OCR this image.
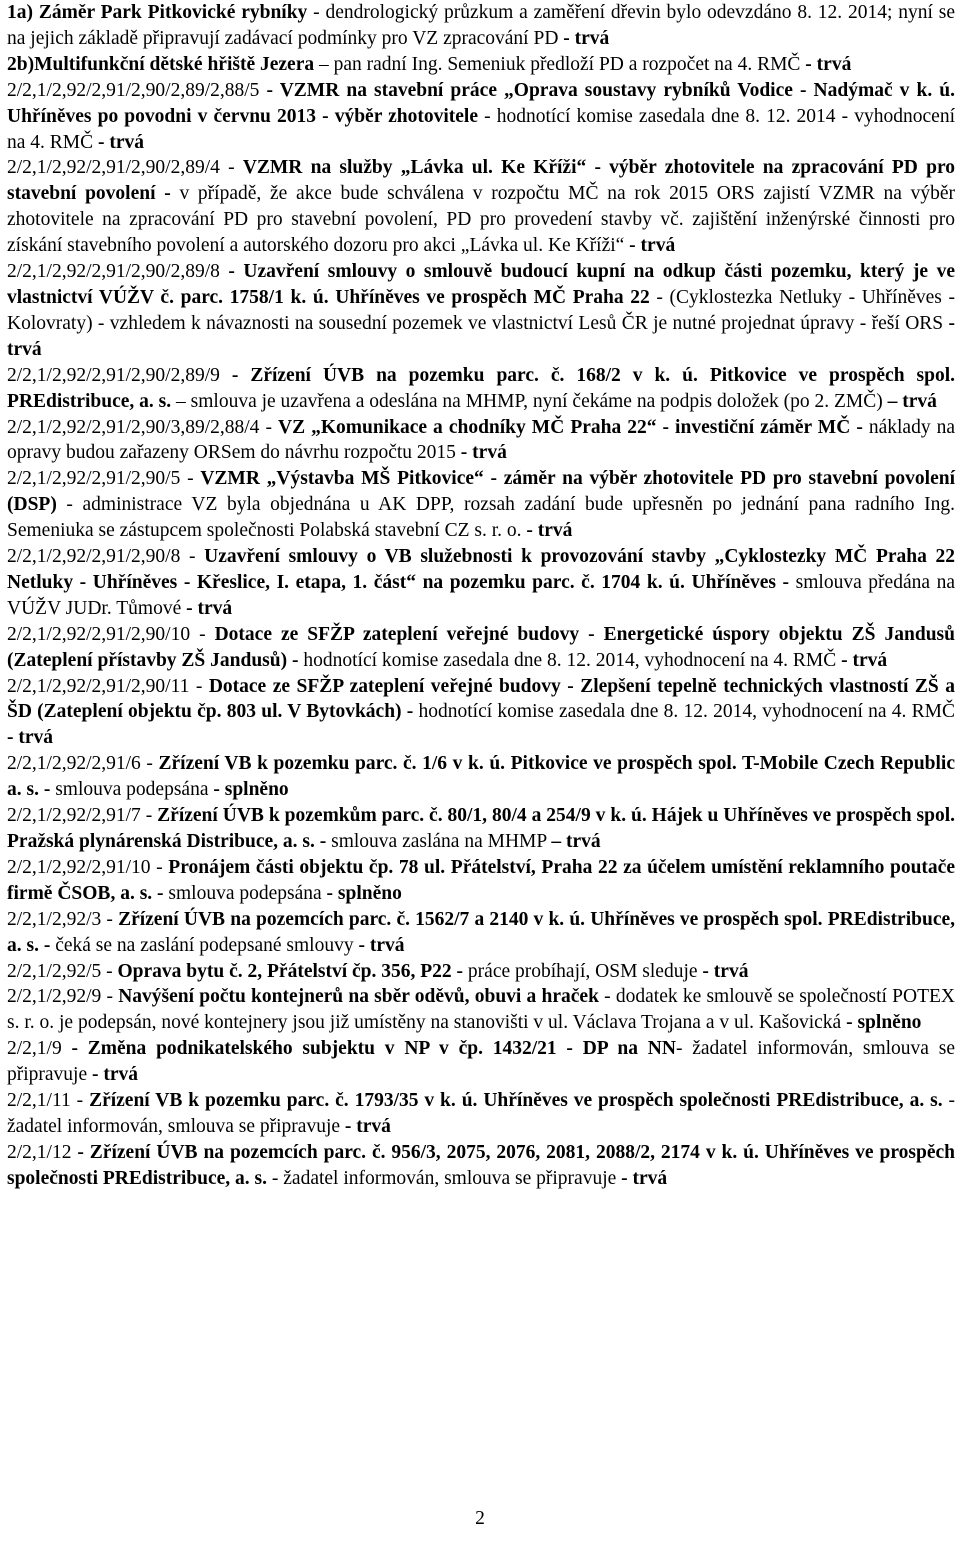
1a) Záměr Park Pitkovické rybníky - dendrologický průzkum a zaměření dřevin bylo odevzdáno 8. 12. 2014; nyní se na jejich základě připravují zadávací podmínky pro VZ zpracování PD - trvá

2b)Multifunkční dětské hřiště Jezera – pan radní Ing. Semeniuk předloží PD a rozpočet na 4. RMČ - trvá

2/2,1/2,92/2,91/2,90/2,89/2,88/5 - VZMR na stavební práce „Oprava soustavy rybníků Vodice - Nadýmač v k. ú. Uhříněves po povodni v červnu 2013 - výběr zhotovitele - hodnotící komise zasedala dne 8. 12. 2014 - vyhodnocení na 4. RMČ - trvá

2/2,1/2,92/2,91/2,90/2,89/4 - VZMR na služby „Lávka ul. Ke Kříži“ - výběr zhotovitele na zpracování PD pro stavební povolení - v případě, že akce bude schválena v rozpočtu MČ na rok 2015 ORS zajistí VZMR na výběr zhotovitele na zpracování PD pro stavební povolení, PD pro provedení stavby vč. zajištění inženýrské činnosti pro získání stavebního povolení a autorského dozoru pro akci „Lávka ul. Ke Kříži“ - trvá

2/2,1/2,92/2,91/2,90/2,89/8 - Uzavření smlouvy o smlouvě budoucí kupní na odkup části pozemku, který je ve vlastnictví VÚŽV č. parc. 1758/1 k. ú. Uhříněves ve prospěch MČ Praha 22 - (Cyklostezka Netluky - Uhříněves - Kolovraty) - vzhledem k návaznosti na sousední pozemek ve vlastnictví Lesů ČR je nutné projednat úpravy - řeší ORS - trvá

2/2,1/2,92/2,91/2,90/2,89/9 - Zřízení ÚVB na pozemku parc. č. 168/2 v k. ú. Pitkovice ve prospěch spol. PREdistribuce, a. s. – smlouva je uzavřena a odeslána na MHMP, nyní čekáme na podpis doložek (po 2. ZMČ) – trvá

2/2,1/2,92/2,91/2,90/3,89/2,88/4 - VZ „Komunikace a chodníky MČ Praha 22“ - investiční záměr MČ - náklady na opravy budou zařazeny ORSem do návrhu rozpočtu 2015 - trvá

2/2,1/2,92/2,91/2,90/5 - VZMR „Výstavba MŠ Pitkovice“ - záměr na výběr zhotovitele PD pro stavební povolení (DSP) - administrace VZ byla objednána u AK DPP, rozsah zadání bude upřesněn po jednání pana radního Ing. Semeniuka se zástupcem společnosti Polabská stavební CZ s. r. o. - trvá

2/2,1/2,92/2,91/2,90/8 - Uzavření smlouvy o VB služebnosti k provozování stavby „Cyklostezky MČ Praha 22 Netluky - Uhříněves - Křeslice, I. etapa, 1. část“ na pozemku parc. č. 1704 k. ú. Uhříněves - smlouva předána na VÚŽV JUDr. Tůmové - trvá

2/2,1/2,92/2,91/2,90/10 - Dotace ze SFŽP zateplení veřejné budovy - Energetické úspory objektu ZŠ Jandusů (Zateplení přístavby ZŠ Jandusů) - hodnotící komise zasedala dne 8. 12. 2014, vyhodnocení na 4. RMČ - trvá

2/2,1/2,92/2,91/2,90/11 - Dotace ze SFŽP zateplení veřejné budovy - Zlepšení tepelně technických vlastností ZŠ a ŠD (Zateplení objektu čp. 803 ul. V Bytovkách) - hodnotící komise zasedala dne 8. 12. 2014, vyhodnocení na 4. RMČ - trvá

2/2,1/2,92/2,91/6 - Zřízení VB k pozemku parc. č. 1/6 v k. ú. Pitkovice ve prospěch spol. T-Mobile Czech Republic a. s. - smlouva podepsána - splněno

2/2,1/2,92/2,91/7 - Zřízení ÚVB k pozemkům parc. č. 80/1, 80/4 a 254/9 v k. ú. Hájek u Uhříněves ve prospěch spol. Pražská plynárenská Distribuce, a. s. - smlouva zaslána na MHMP – trvá

2/2,1/2,92/2,91/10 - Pronájem části objektu čp. 78 ul. Přátelství, Praha 22 za účelem umístění reklamního poutače firmě ČSOB, a. s. - smlouva podepsána - splněno

2/2,1/2,92/3 - Zřízení ÚVB na pozemcích parc. č. 1562/7 a 2140 v k. ú. Uhříněves ve prospěch spol. PREdistribuce, a. s. - čeká se na zaslání podepsané smlouvy - trvá

2/2,1/2,92/5 - Oprava bytu č. 2, Přátelství čp. 356, P22 - práce probíhají, OSM sleduje - trvá

2/2,1/2,92/9 - Navýšení počtu kontejnerů na sběr oděvů, obuvi a hraček - dodatek ke smlouvě se společností POTEX s. r. o. je podepsán, nové kontejnery jsou již umístěny na stanovišti v ul. Václava Trojana a v ul. Kašovická - splněno

2/2,1/9 - Změna podnikatelského subjektu v NP v čp. 1432/21 - DP na NN- žadatel informován, smlouva se připravuje - trvá

2/2,1/11 - Zřízení VB k pozemku parc. č. 1793/35 v k. ú. Uhříněves ve prospěch společnosti PREdistribuce, a. s. - žadatel informován, smlouva se připravuje - trvá

2/2,1/12 - Zřízení ÚVB na pozemcích parc. č. 956/3, 2075, 2076, 2081, 2088/2, 2174 v k. ú. Uhříněves ve prospěch společnosti PREdistribuce, a. s. - žadatel informován, smlouva se připravuje - trvá

2
